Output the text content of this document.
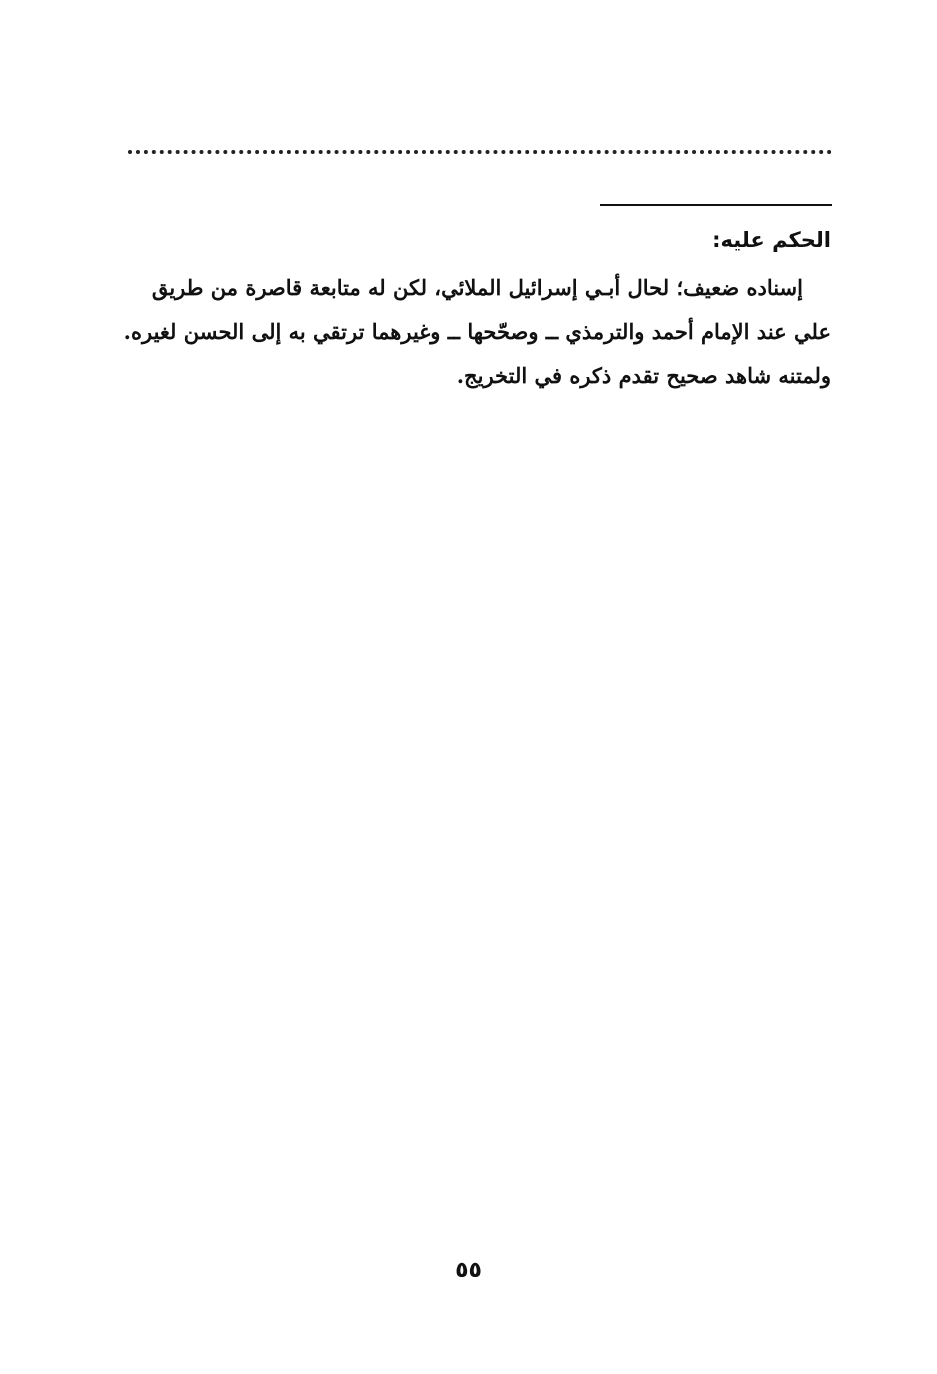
الحكم عليه:
إسناده ضعيف؛ لحال أبـي إسرائيل الملائي، لكن له متابعة قاصرة من طريق
علي عند الإمام أحمد والترمذي ــ وصحّحها ــ وغيرهما ترتقي به إلى الحسن لغيره.
ولمتنه شاهد صحيح تقدم ذكره في التخريج.
٥٥
